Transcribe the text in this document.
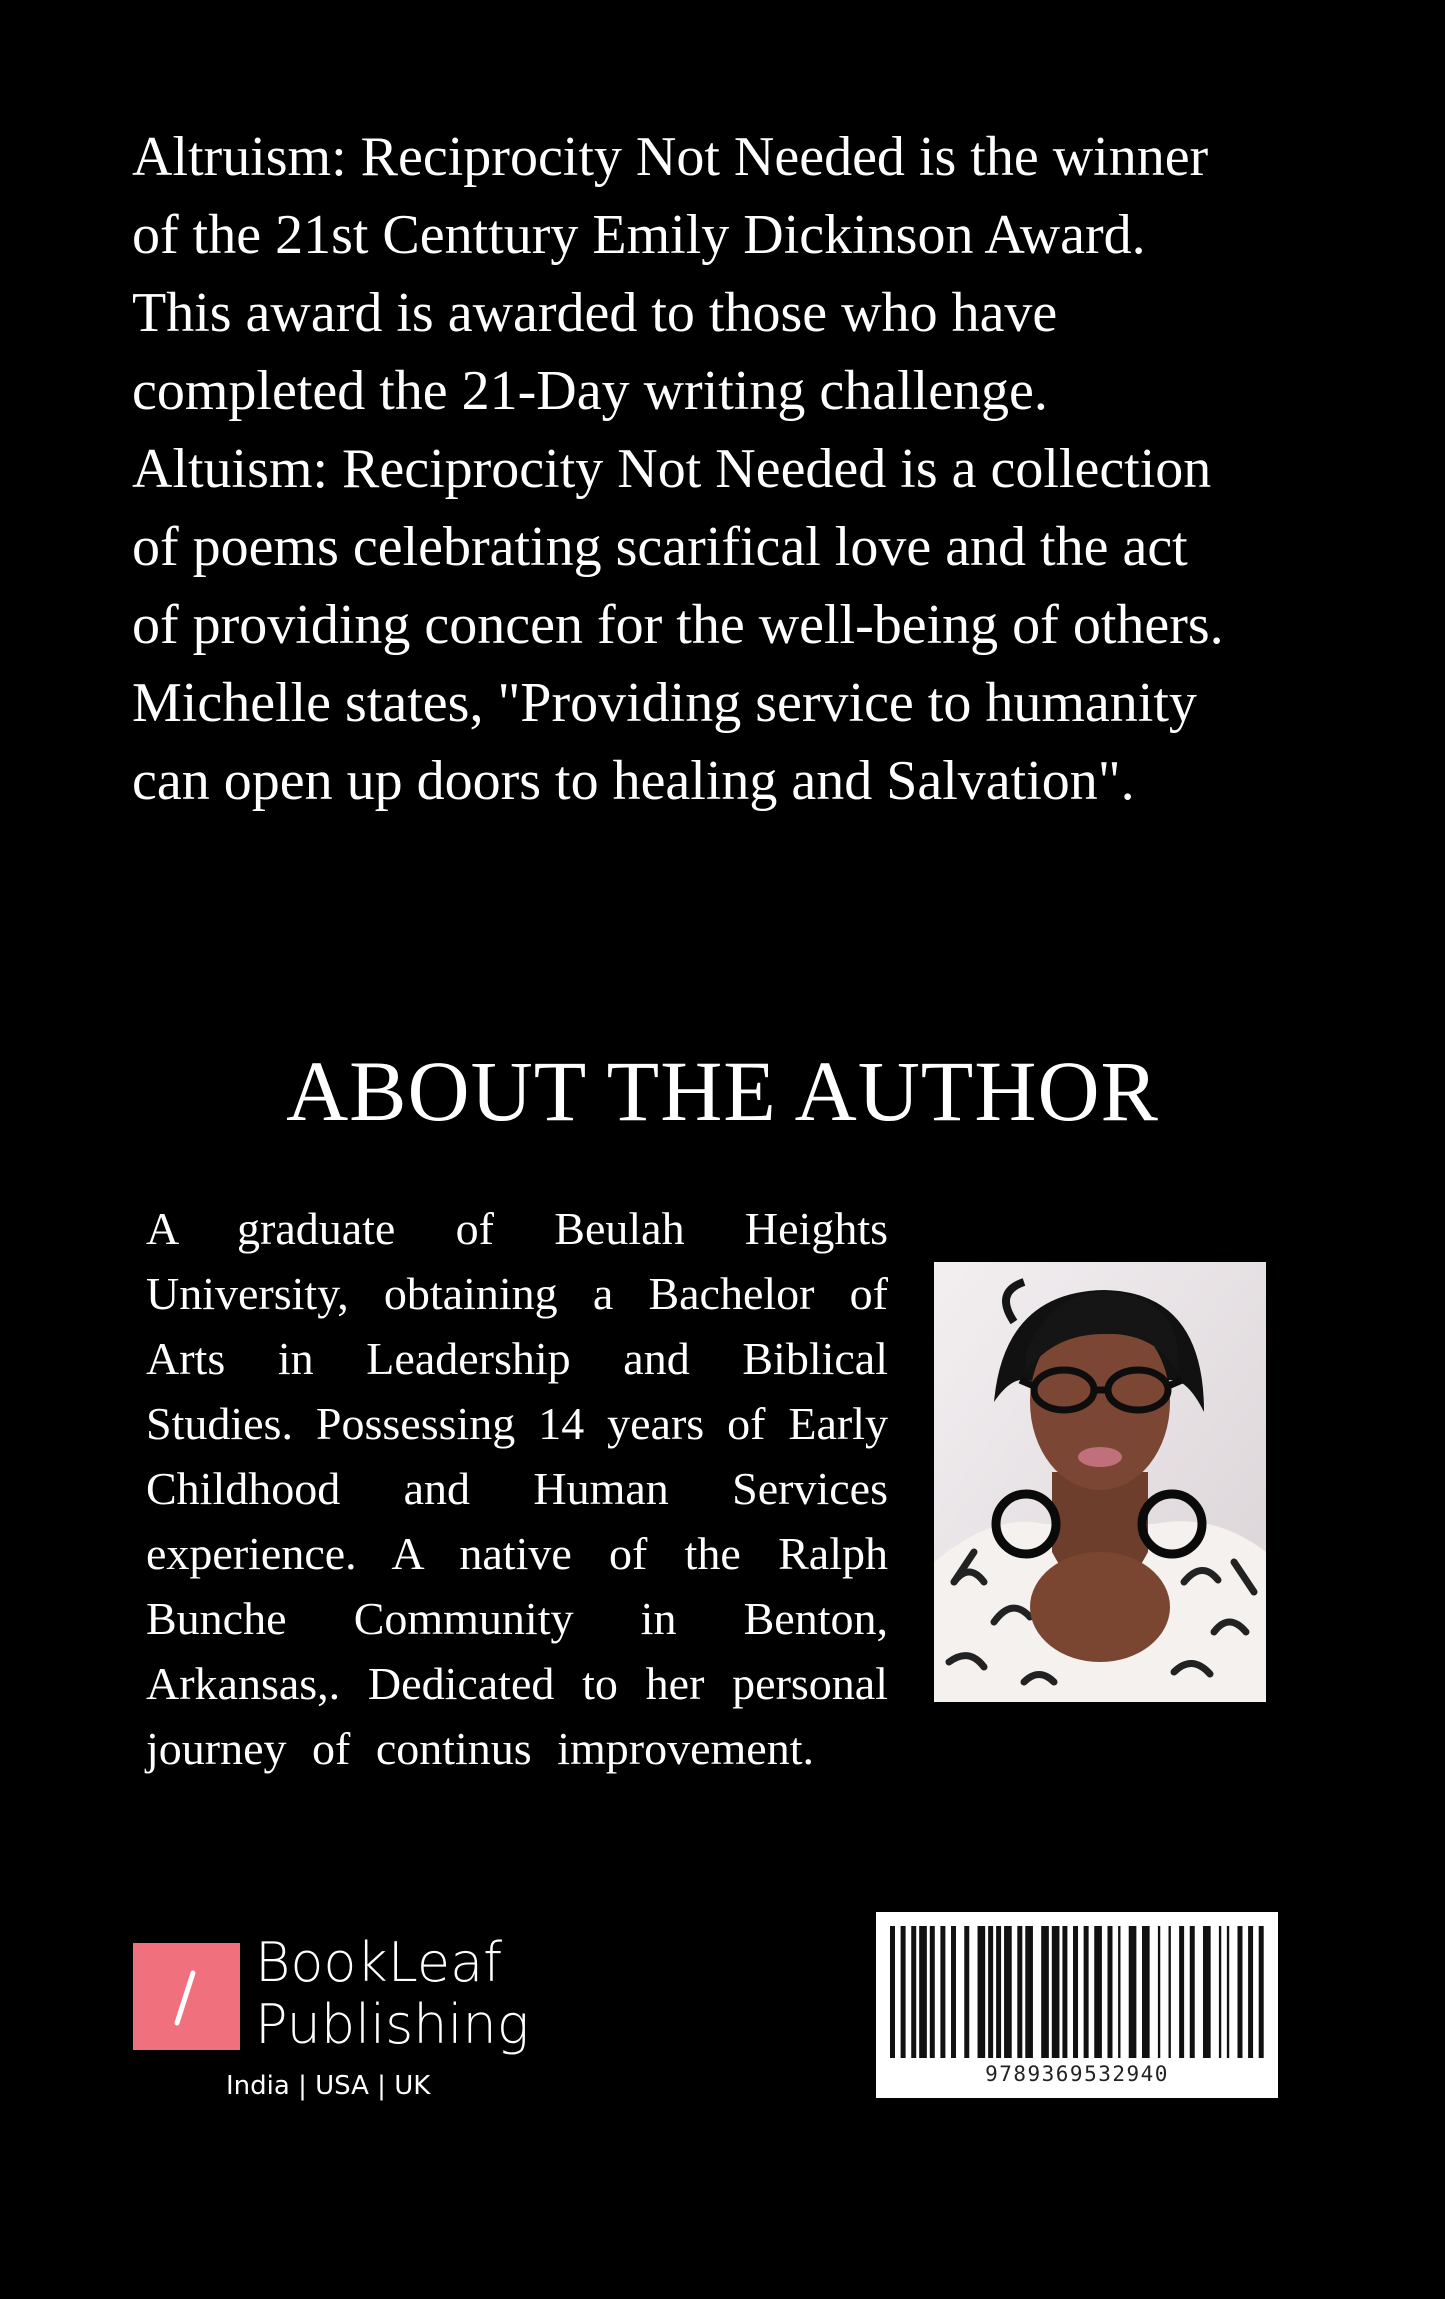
Altruism: Reciprocity Not Needed is the winner
of the 21st Centtury Emily Dickinson Award.
This award is awarded to those who have
completed the 21-Day writing challenge.
Altuism: Reciprocity Not Needed is a collection
of poems celebrating scarifical love and the act
of providing concen for the well-being of others.
Michelle states, "Providing service to humanity
can open up doors to healing and Salvation".
ABOUT THE AUTHOR
A graduate of Beulah Heights
University, obtaining a Bachelor of
Arts in Leadership and Biblical
Studies. Possessing 14 years of Early
Childhood and Human Services
experience. A native of the Ralph
Bunche Community in Benton,
Arkansas,. Dedicated to her personal
journey of continus improvement.
BookLeaf
Publishing
India | USA | UK	9789369532940
